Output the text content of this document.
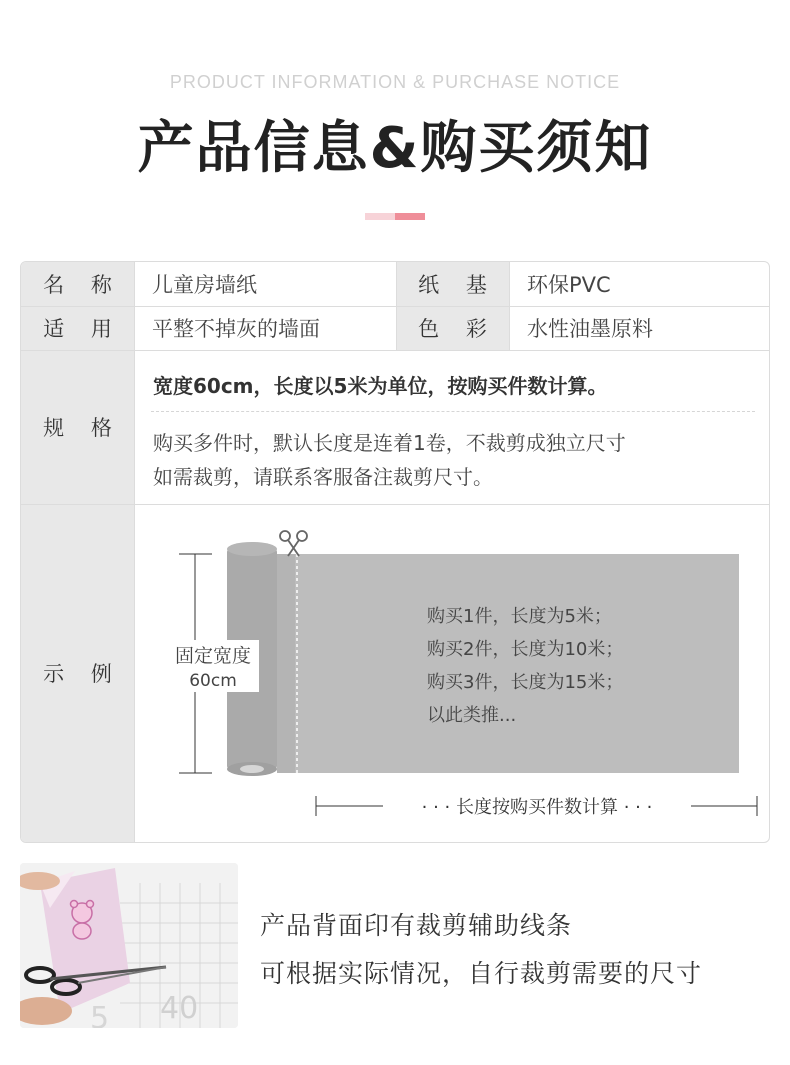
PRODUCT INFORMATION & PURCHASE NOTICE
产品信息&购买须知
名 称	儿童房墙纸	纸 基	环保PVC
适 用	平整不掉灰的墙面	色 彩	水性油墨原料
规 格
宽度60cm，长度以5米为单位，按购买件数计算。
购买多件时，默认长度是连着1卷，不裁剪成独立尺寸
如需裁剪，请联系客服备注裁剪尺寸。
示 例
固定宽度
60cm
购买1件，长度为5米；
购买2件，长度为10米；
购买3件，长度为15米；
以此类推...
· · · 长度按购买件数计算 · · ·
40
5
产品背面印有裁剪辅助线条
可根据实际情况，自行裁剪需要的尺寸
